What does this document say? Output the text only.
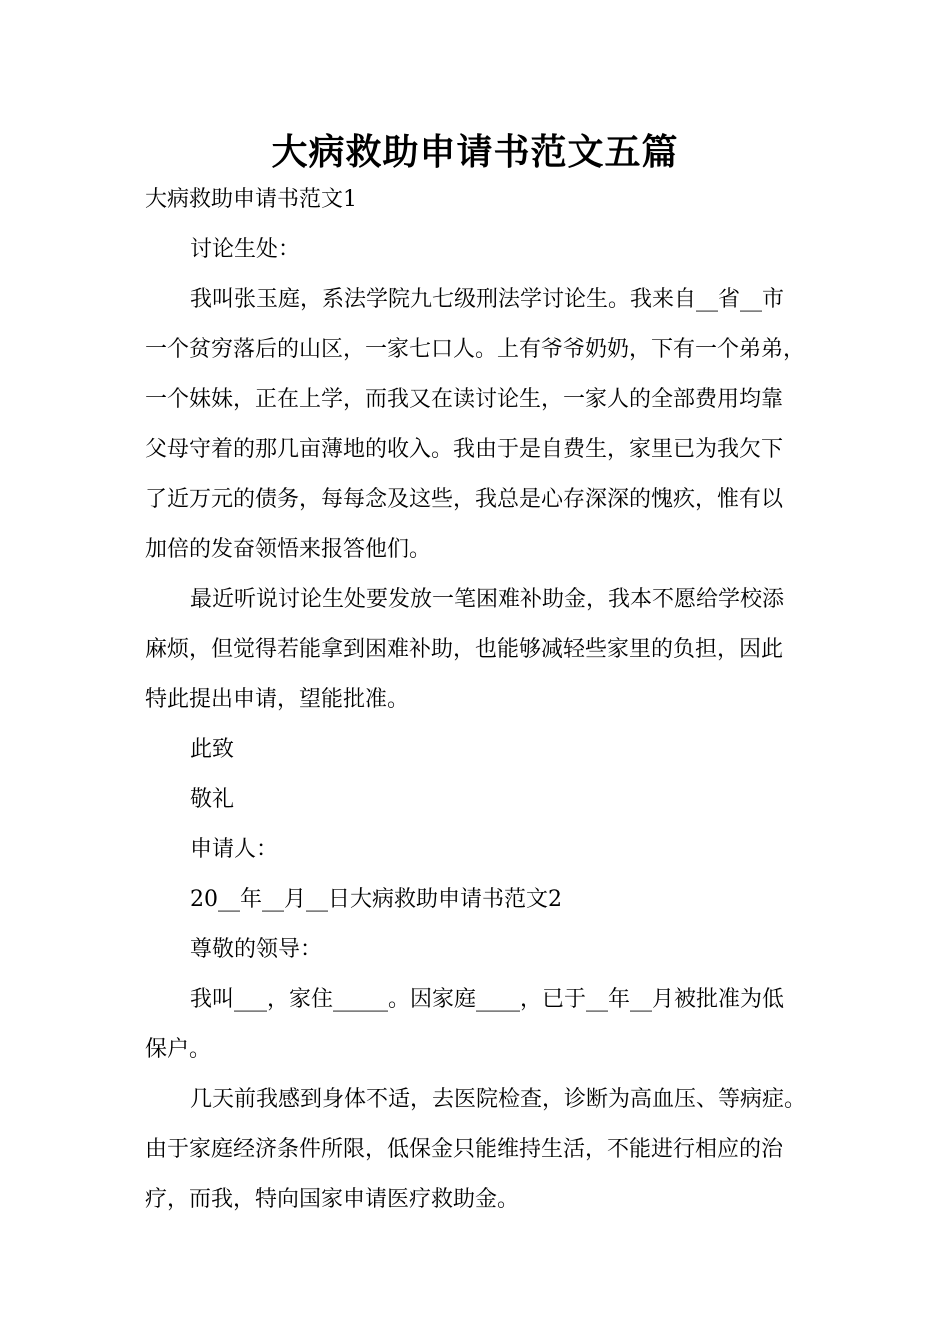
大病救助申请书范文五篇
大病救助申请书范文1
讨论生处：
我叫张玉庭，系法学院九七级刑法学讨论生。我来自__省__市
一个贫穷落后的山区，一家七口人。上有爷爷奶奶，下有一个弟弟，
一个妹妹，正在上学，而我又在读讨论生，一家人的全部费用均靠
父母守着的那几亩薄地的收入。我由于是自费生，家里已为我欠下
了近万元的债务，每每念及这些，我总是心存深深的愧疚，惟有以
加倍的发奋领悟来报答他们。
最近听说讨论生处要发放一笔困难补助金，我本不愿给学校添
麻烦，但觉得若能拿到困难补助，也能够减轻些家里的负担，因此
特此提出申请，望能批准。
此致
敬礼
申请人：
20__年__月__日大病救助申请书范文2
尊敬的领导：
我叫___，家住_____。因家庭____，已于__年__月被批准为低
保户。
几天前我感到身体不适，去医院检查，诊断为高血压、等病症。
由于家庭经济条件所限，低保金只能维持生活，不能进行相应的治
疗，而我，特向国家申请医疗救助金。
